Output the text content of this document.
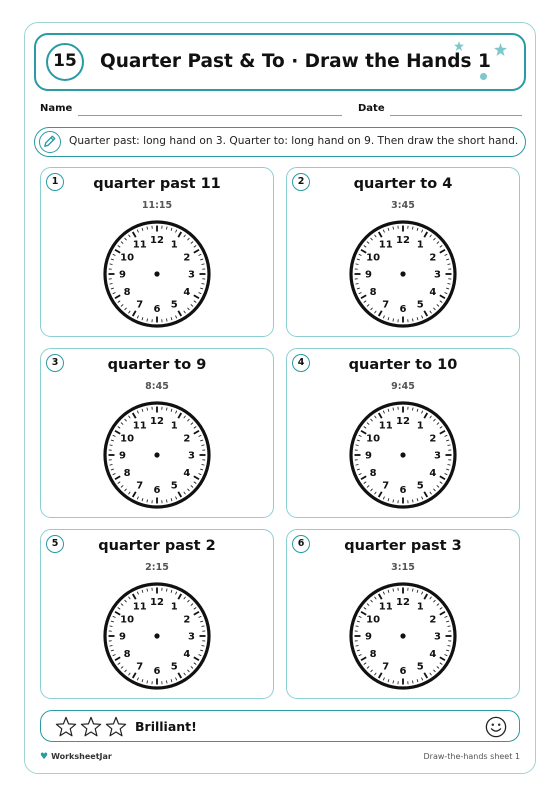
15	Quarter Past & To · Draw the Hands 1
Name	Date
Quarter past: long hand on 3. Quarter to: long hand on 9. Then draw the short hand.
1	quarter past 11
11:15
12 1
2
3
4
5
6
7
8
9
10
11
2	quarter to 4
3:45
12 1
2
3
4
5
6
7
8
9
10
11
3	quarter to 9
8:45
12 1
2
3
4
5
6
7
8
9
10
11
4	quarter to 10
9:45
12 1
2
3
4
5
6
7
8
9
10
11
5	quarter past 2
2:15
12 1
2
3
4
5
6
7
8
9
10
11
6	quarter past 3
3:15
12 1
2
3
4
5
6
7
8
9
10
11
Brilliant!
♥ WorksheetJar	Draw-the-hands sheet 1
